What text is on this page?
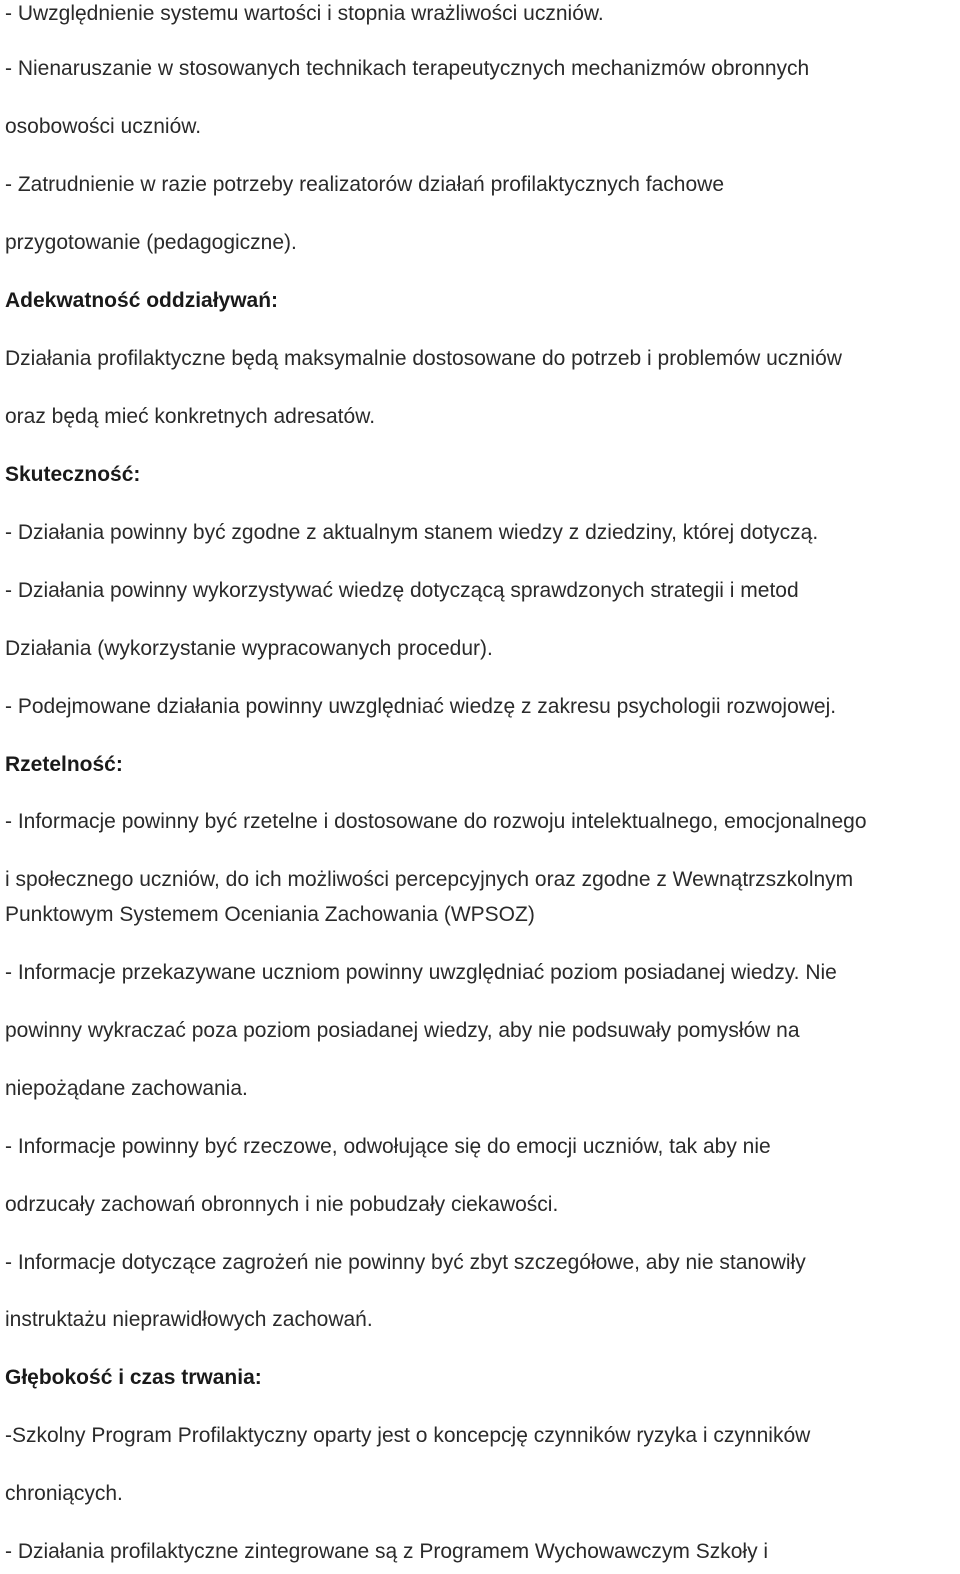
- Uwzględnienie systemu wartości i stopnia wrażliwości uczniów.
- Nienaruszanie w stosowanych technikach terapeutycznych mechanizmów obronnych
osobowości uczniów.
- Zatrudnienie w razie potrzeby realizatorów działań profilaktycznych fachowe
przygotowanie (pedagogiczne).
Adekwatność oddziaływań:
Działania profilaktyczne będą maksymalnie dostosowane do potrzeb i problemów uczniów
oraz będą mieć konkretnych adresatów.
Skuteczność:
- Działania powinny być zgodne z aktualnym stanem wiedzy z dziedziny, której dotyczą.
- Działania powinny wykorzystywać wiedzę dotyczącą sprawdzonych strategii i metod
Działania (wykorzystanie wypracowanych procedur).
- Podejmowane działania powinny uwzględniać wiedzę z zakresu psychologii rozwojowej.
Rzetelność:
- Informacje powinny być rzetelne i dostosowane do rozwoju intelektualnego, emocjonalnego
i społecznego uczniów, do ich możliwości percepcyjnych oraz zgodne z Wewnątrzszkolnym
Punktowym Systemem Oceniania Zachowania (WPSOZ)
- Informacje przekazywane uczniom powinny uwzględniać poziom posiadanej wiedzy. Nie
powinny wykraczać poza poziom posiadanej wiedzy, aby nie podsuwały pomysłów na
niepożądane zachowania.
- Informacje powinny być rzeczowe, odwołujące się do emocji uczniów, tak aby nie
odrzucały zachowań obronnych i nie pobudzały ciekawości.
- Informacje dotyczące zagrożeń nie powinny być zbyt szczegółowe, aby nie stanowiły
instruktażu nieprawidłowych zachowań.
Głębokość i czas trwania:
-Szkolny Program Profilaktyczny oparty jest o koncepcję czynników ryzyka i czynników
chroniących.
- Działania profilaktyczne zintegrowane są z Programem Wychowawczym Szkoły i
